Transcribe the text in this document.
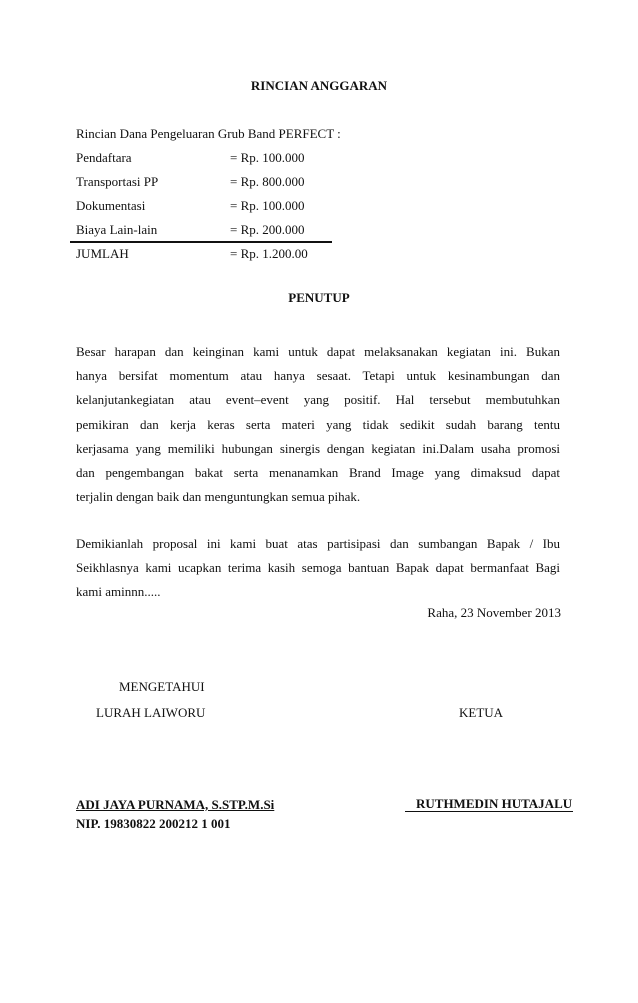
RINCIAN ANGGARAN
Rincian Dana Pengeluaran Grub Band PERFECT :
Pendaftara	= Rp. 100.000
Transportasi PP	= Rp. 800.000
Dokumentasi	= Rp. 100.000
Biaya Lain-lain	= Rp. 200.000
JUMLAH	= Rp. 1.200.00
PENUTUP
Besar harapan dan keinginan kami untuk dapat melaksanakan kegiatan ini. Bukan
hanya bersifat momentum atau hanya sesaat. Tetapi untuk kesinambungan dan
kelanjutankegiatan atau event–event yang positif. Hal tersebut membutuhkan
pemikiran dan kerja keras serta materi yang tidak sedikit sudah barang tentu
kerjasama yang memiliki hubungan sinergis dengan kegiatan ini.Dalam usaha promosi
dan pengembangan bakat serta menanamkan Brand Image yang dimaksud dapat
terjalin dengan baik dan menguntungkan semua pihak.
Demikianlah proposal ini kami buat atas partisipasi dan sumbangan Bapak / Ibu
Seikhlasnya kami ucapkan terima kasih semoga bantuan Bapak dapat bermanfaat Bagi
kami aminnn.....
Raha, 23 November 2013
MENGETAHUI
LURAH LAIWORU	KETUA
ADI JAYA PURNAMA, S.STP.M.Si
NIP. 19830822 200212 1 001
RUTHMEDIN HUTAJALU
